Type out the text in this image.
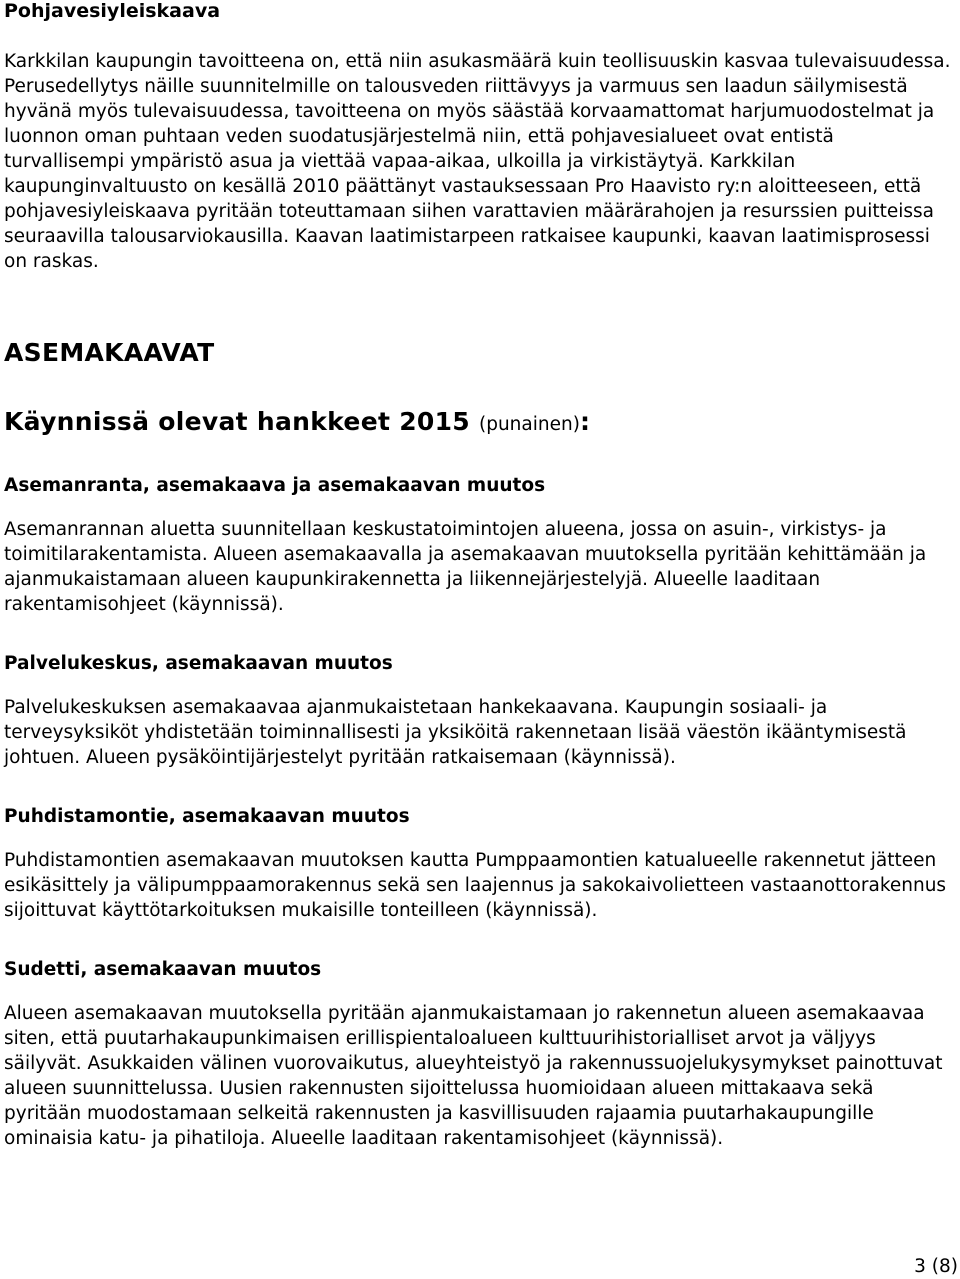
Pohjavesiyleiskaava

Karkkilan kaupungin tavoitteena on, että niin asukasmäärä kuin teollisuuskin kasvaa tulevaisuudessa. Perusedellytys näille suunnitelmille on talousveden riittävyys ja varmuus sen laadun säilymisestä hyvänä myös tulevaisuudessa, tavoitteena on myös säästää korvaamattomat harjumuodostelmat ja luonnon oman puhtaan veden suodatusjärjestelmä niin, että pohjavesialueet ovat entistä turvallisempi ympäristö asua ja viettää vapaa-aikaa, ulkoilla ja virkistäytyä. Karkkilan kaupunginvaltuusto on kesällä 2010 päättänyt vastauksessaan Pro Haavisto ry:n aloitteeseen, että pohjavesiyleiskaava pyritään toteuttamaan siihen varattavien määrärahojen ja resurssien puitteissa seuraavilla talousarviokausilla. Kaavan laatimistarpeen ratkaisee kaupunki, kaavan laatimisprosessi on raskas.

ASEMAKAAVAT
Käynnissä olevat hankkeet 2015 (punainen):
Asemanranta, asemakaava ja asemakaavan muutos

Asemanrannan aluetta suunnitellaan keskustatoimintojen alueena, jossa on asuin-, virkistys- ja toimitilarakentamista. Alueen asemakaavalla ja asemakaavan muutoksella pyritään kehittämään ja ajanmukaistamaan alueen kaupunkirakennetta ja liikennejärjestelyjä. Alueelle laaditaan rakentamisohjeet (käynnissä).

Palvelukeskus, asemakaavan muutos

Palvelukeskuksen asemakaavaa ajanmukaistetaan hankekaavana. Kaupungin sosiaali- ja terveysyksiköt yhdistetään toiminnallisesti ja yksiköitä rakennetaan lisää väestön ikääntymisestä johtuen. Alueen pysäköintijärjestelyt pyritään ratkaisemaan (käynnissä).

Puhdistamontie, asemakaavan muutos

Puhdistamontien asemakaavan muutoksen kautta Pumppaamontien katualueelle rakennetut jätteen esikäsittely ja välipumppaamorakennus sekä sen laajennus ja sakokaivolietteen vastaanottorakennus sijoittuvat käyttötarkoituksen mukaisille tonteilleen (käynnissä).

Sudetti, asemakaavan muutos

Alueen asemakaavan muutoksella pyritään ajanmukaistamaan jo rakennetun alueen asemakaavaa siten, että puutarhakaupunkimaisen erillispientaloalueen kulttuurihistorialliset arvot ja väljyys säilyvät. Asukkaiden välinen vuorovaikutus, alueyhteistyö ja rakennussuojelukysymykset painottuvat alueen suunnittelussa. Uusien rakennusten sijoittelussa huomioidaan alueen mittakaava sekä pyritään muodostamaan selkeitä rakennusten ja kasvillisuuden rajaamia puutarhakaupungille ominaisia katu- ja pihatiloja. Alueelle laaditaan rakentamisohjeet (käynnissä).

3 (8)
